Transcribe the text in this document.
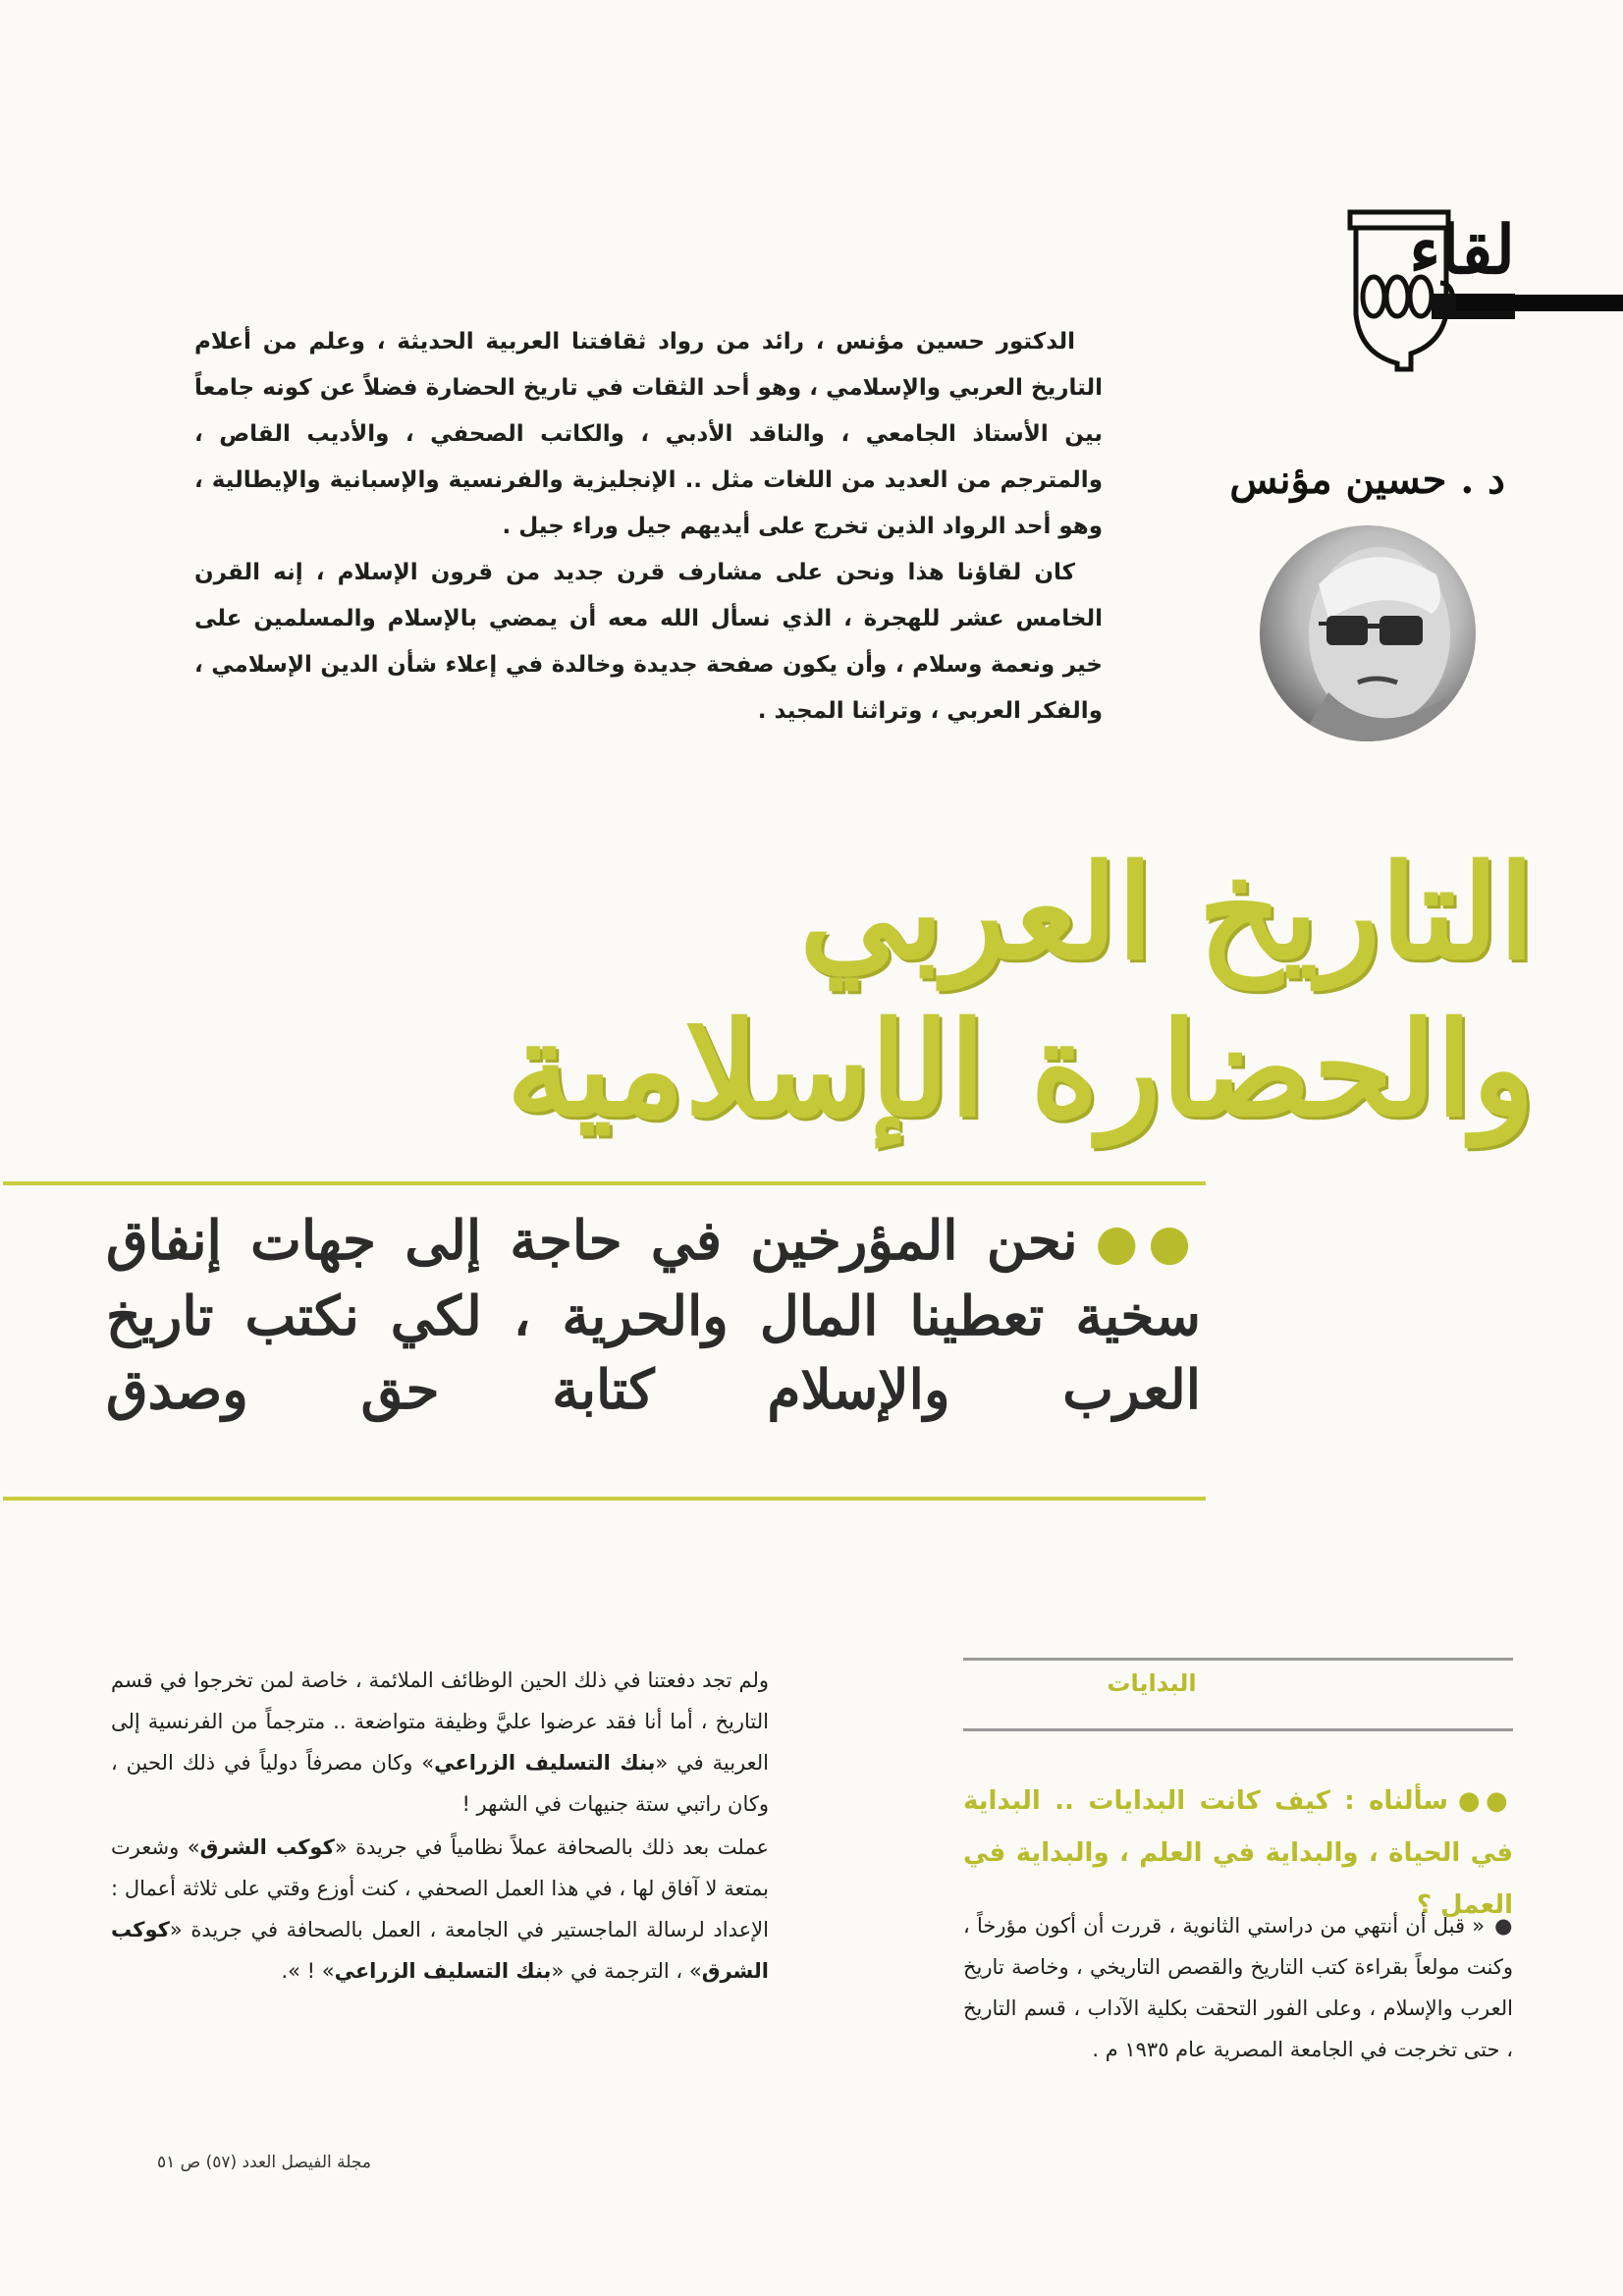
لقاء
د . حسين مؤنس

الدكتور حسين مؤنس ، رائد من رواد ثقافتنا العربية الحديثة ، وعلم من أعلام التاريخ العربي والإسلامي ، وهو أحد الثقات في تاريخ الحضارة فضلاً عن كونه جامعاً بين الأستاذ الجامعي ، والناقد الأدبي ، والكاتب الصحفي ، والأديب القاص ، والمترجم من العديد من اللغات مثل .. الإنجليزية والفرنسية والإسبانية والإيطالية ، وهو أحد الرواد الذين تخرج على أيديهم جيل وراء جيل .

كان لقاؤنا هذا ونحن على مشارف قرن جديد من قرون الإسلام ، إنه القرن الخامس عشر للهجرة ، الذي نسأل الله معه أن يمضي بالإسلام والمسلمين على خير ونعمة وسلام ، وأن يكون صفحة جديدة وخالدة في إعلاء شأن الدين الإسلامي ، والفكر العربي ، وتراثنا المجيد .

التاريخ العربي
والحضارة الإسلامية
●●نحن المؤرخين في حاجة إلى جهات إنفاق سخية تعطينا المال والحرية ، لكي نكتب تاريخ العرب والإسلام كتابة حق وصدق
البدايات
●●سألناه : كيف كانت البدايات .. البداية في الحياة ، والبداية في العلم ، والبداية في العمل ؟
●« قبل أن أنتهي من دراستي الثانوية ، قررت أن أكون مؤرخاً ، وكنت مولعاً بقراءة كتب التاريخ والقصص التاريخي ، وخاصة تاريخ العرب والإسلام ، وعلى الفور التحقت بكلية الآداب ، قسم التاريخ ، حتى تخرجت في الجامعة المصرية عام ١٩٣٥ م .

ولم تجد دفعتنا في ذلك الحين الوظائف الملائمة ، خاصة لمن تخرجوا في قسم التاريخ ، أما أنا فقد عرضوا عليَّ وظيفة متواضعة .. مترجماً من الفرنسية إلى العربية في «بنك التسليف الزراعي» وكان مصرفاً دولياً في ذلك الحين ، وكان راتبي ستة جنيهات في الشهر !

عملت بعد ذلك بالصحافة عملاً نظامياً في جريدة «كوكب الشرق» وشعرت بمتعة لا آفاق لها ، في هذا العمل الصحفي ، كنت أوزع وقتي على ثلاثة أعمال : الإعداد لرسالة الماجستير في الجامعة ، العمل بالصحافة في جريدة «كوكب الشرق» ، الترجمة في «بنك التسليف الزراعي» ! ».

مجلة الفيصل العدد (٥٧) ص ٥١
